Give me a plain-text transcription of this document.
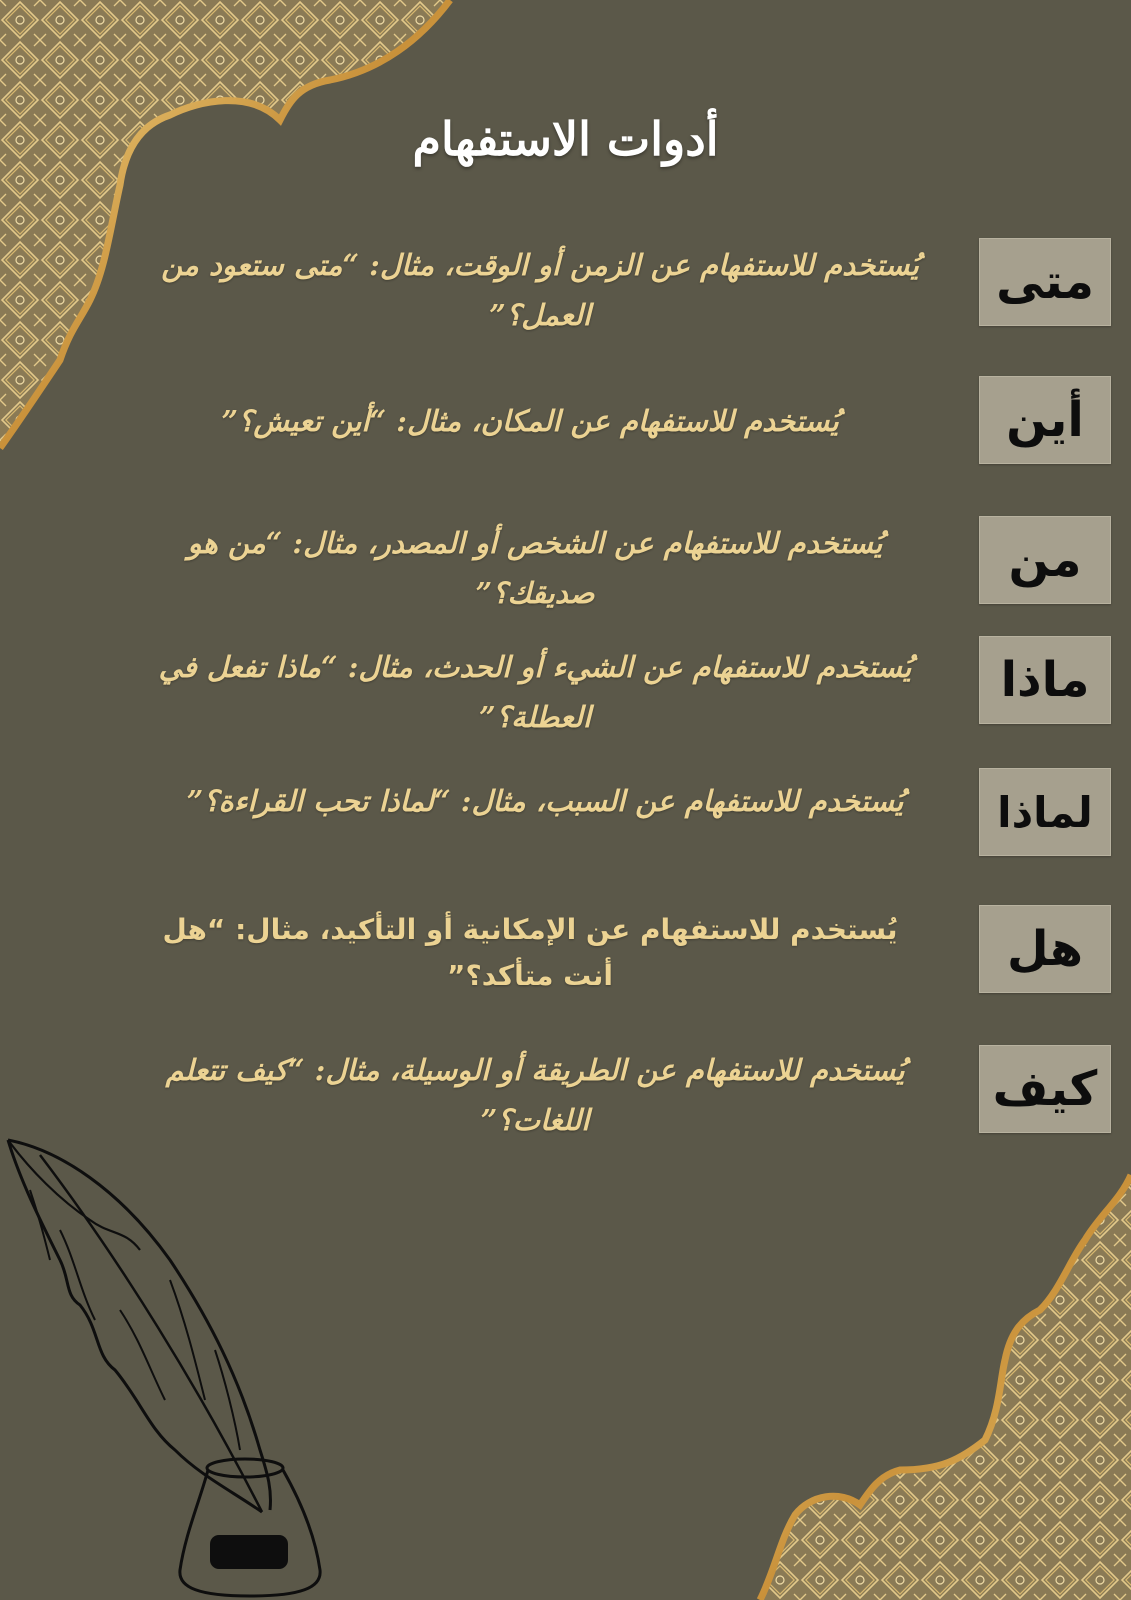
أدوات الاستفهام
متى
يُستخدم للاستفهام عن الزمن أو الوقت، مثال: “متى ستعود من العمل؟”
أين
يُستخدم للاستفهام عن المكان، مثال: “أين تعيش؟”
من
يُستخدم للاستفهام عن الشخص أو المصدر، مثال: “من هو صديقك؟”
ماذا
يُستخدم للاستفهام عن الشيء أو الحدث، مثال: “ماذا تفعل في العطلة؟”
لماذا
يُستخدم للاستفهام عن السبب، مثال: “لماذا تحب القراءة؟”
هل
يُستخدم للاستفهام عن الإمكانية أو التأكيد، مثال: “هل أنت متأكد؟”
كيف
يُستخدم للاستفهام عن الطريقة أو الوسيلة، مثال: “كيف تتعلم اللغات؟”
